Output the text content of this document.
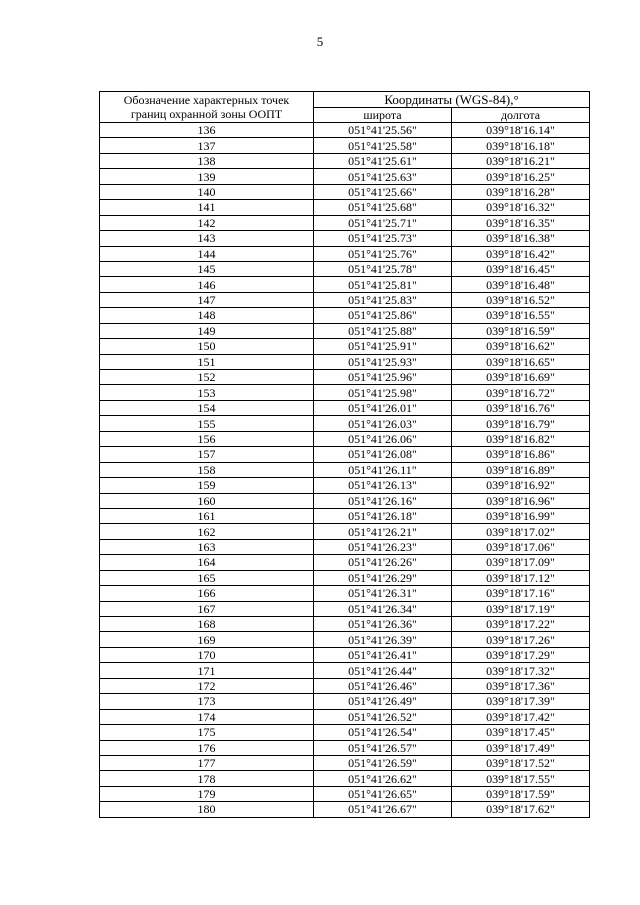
5
Обозначение характерных точек
границ охранной зоны ООПТ	Координаты (WGS-84),°	
	широта	долгота
136	051°41'25.56"	039°18'16.14"
137	051°41'25.58"	039°18'16.18"
138	051°41'25.61"	039°18'16.21"
139	051°41'25.63"	039°18'16.25"
140	051°41'25.66"	039°18'16.28"
141	051°41'25.68"	039°18'16.32"
142	051°41'25.71"	039°18'16.35"
143	051°41'25.73"	039°18'16.38"
144	051°41'25.76"	039°18'16.42"
145	051°41'25.78"	039°18'16.45"
146	051°41'25.81"	039°18'16.48"
147	051°41'25.83"	039°18'16.52"
148	051°41'25.86"	039°18'16.55"
149	051°41'25.88"	039°18'16.59"
150	051°41'25.91"	039°18'16.62"
151	051°41'25.93"	039°18'16.65"
152	051°41'25.96"	039°18'16.69"
153	051°41'25.98"	039°18'16.72"
154	051°41'26.01"	039°18'16.76"
155	051°41'26.03"	039°18'16.79"
156	051°41'26.06"	039°18'16.82"
157	051°41'26.08"	039°18'16.86"
158	051°41'26.11"	039°18'16.89"
159	051°41'26.13"	039°18'16.92"
160	051°41'26.16"	039°18'16.96"
161	051°41'26.18"	039°18'16.99"
162	051°41'26.21"	039°18'17.02"
163	051°41'26.23"	039°18'17.06"
164	051°41'26.26"	039°18'17.09"
165	051°41'26.29"	039°18'17.12"
166	051°41'26.31"	039°18'17.16"
167	051°41'26.34"	039°18'17.19"
168	051°41'26.36"	039°18'17.22"
169	051°41'26.39"	039°18'17.26"
170	051°41'26.41"	039°18'17.29"
171	051°41'26.44"	039°18'17.32"
172	051°41'26.46"	039°18'17.36"
173	051°41'26.49"	039°18'17.39"
174	051°41'26.52"	039°18'17.42"
175	051°41'26.54"	039°18'17.45"
176	051°41'26.57"	039°18'17.49"
177	051°41'26.59"	039°18'17.52"
178	051°41'26.62"	039°18'17.55"
179	051°41'26.65"	039°18'17.59"
180	051°41'26.67"	039°18'17.62"
